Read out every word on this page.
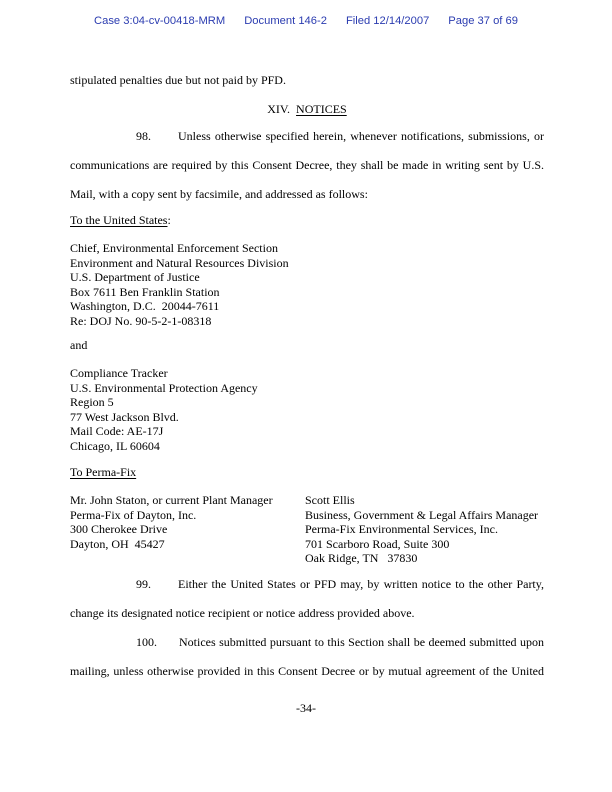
Case 3:04-cv-00418-MRM Document 146-2 Filed 12/14/2007 Page 37 of 69
stipulated penalties due but not paid by PFD.
XIV. NOTICES
98. Unless otherwise specified herein, whenever notifications, submissions, or communications are required by this Consent Decree, they shall be made in writing sent by U.S. Mail, with a copy sent by facsimile, and addressed as follows:
To the United States:
Chief, Environmental Enforcement Section
Environment and Natural Resources Division
U.S. Department of Justice
Box 7611 Ben Franklin Station
Washington, D.C.  20044-7611
Re: DOJ No. 90-5-2-1-08318
and
Compliance Tracker
U.S. Environmental Protection Agency
Region 5
77 West Jackson Blvd.
Mail Code: AE-17J
Chicago, IL 60604
To Perma-Fix
Mr. John Staton, or current Plant Manager
Perma-Fix of Dayton, Inc.
300 Cherokee Drive
Dayton, OH  45427
Scott Ellis
Business, Government & Legal Affairs Manager
Perma-Fix Environmental Services, Inc.
701 Scarboro Road, Suite 300
Oak Ridge, TN   37830
99. Either the United States or PFD may, by written notice to the other Party, change its designated notice recipient or notice address provided above.
100. Notices submitted pursuant to this Section shall be deemed submitted upon mailing, unless otherwise provided in this Consent Decree or by mutual agreement of the United
-34-
